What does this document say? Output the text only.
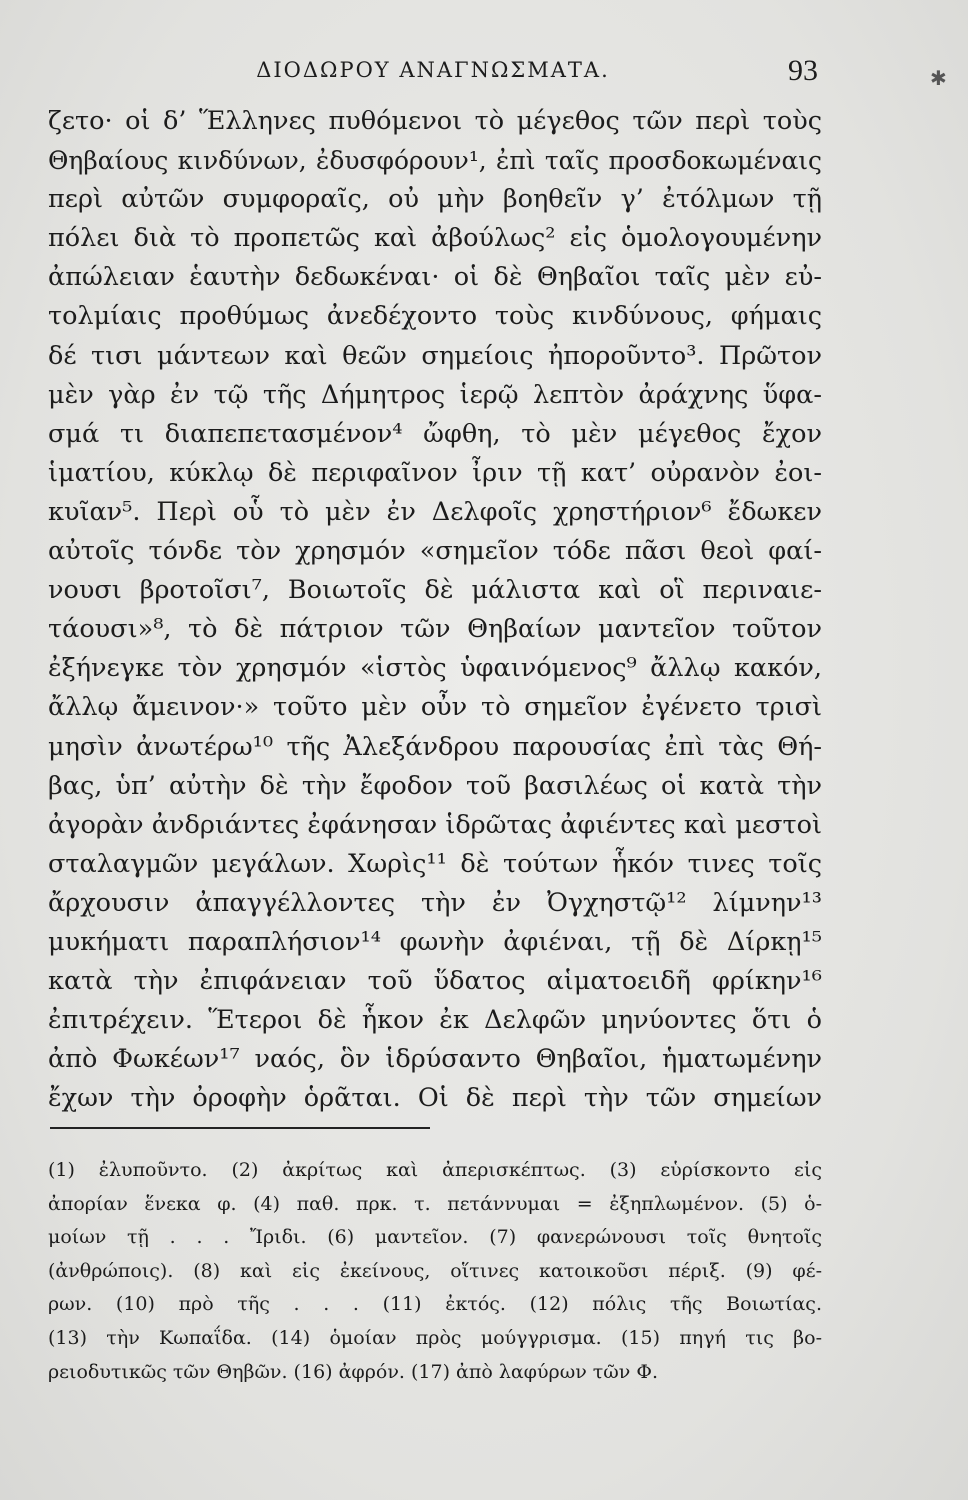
ΔΙΟΔΩΡΟΥ ΑΝΑΓΝΩΣΜΑΤΑ.	93	✱
ζετο· οἱ δ’ Ἕλληνες πυθόμενοι τὸ μέγεθος τῶν περὶ τοὺς
Θηβαίους κινδύνων, ἐδυσφόρουν¹, ἐπὶ ταῖς προσδοκωμέναις
περὶ αὐτῶν συμφοραῖς, οὐ μὴν βοηθεῖν γ’ ἐτόλμων τῇ
πόλει διὰ τὸ προπετῶς καὶ ἀβούλως² εἰς ὁμολογουμένην
ἀπώλειαν ἑαυτὴν δεδωκέναι· οἱ δὲ Θηβαῖοι ταῖς μὲν εὐ-
τολμίαις προθύμως ἀνεδέχοντο τοὺς κινδύνους, φήμαις
δέ τισι μάντεων καὶ θεῶν σημείοις ἠποροῦντο³. Πρῶτον
μὲν γὰρ ἐν τῷ τῆς Δήμητρος ἱερῷ λεπτὸν ἀράχνης ὕφα-
σμά τι διαπεπετασμένον⁴ ὤφθη, τὸ μὲν μέγεθος ἔχον
ἱματίου, κύκλῳ δὲ περιφαῖνον ἶριν τῇ κατ’ οὐρανὸν ἐοι-
κυῖαν⁵. Περὶ οὗ τὸ μὲν ἐν Δελφοῖς χρηστήριον⁶ ἔδωκεν
αὐτοῖς τόνδε τὸν χρησμόν «σημεῖον τόδε πᾶσι θεοὶ φαί-
νουσι βροτοῖσι⁷, Βοιωτοῖς δὲ μάλιστα καὶ οἳ περιναιε-
τάουσι»⁸, τὸ δὲ πάτριον τῶν Θηβαίων μαντεῖον τοῦτον
ἐξήνεγκε τὸν χρησμόν «ἱστὸς ὑφαινόμενος⁹ ἄλλῳ κακόν,
ἄλλῳ ἄμεινον·» τοῦτο μὲν οὖν τὸ σημεῖον ἐγένετο τρισὶ
μησὶν ἀνωτέρω¹⁰ τῆς Ἀλεξάνδρου παρουσίας ἐπὶ τὰς Θή-
βας, ὑπ’ αὐτὴν δὲ τὴν ἔφοδον τοῦ βασιλέως οἱ κατὰ τὴν
ἀγορὰν ἀνδριάντες ἐφάνησαν ἱδρῶτας ἀφιέντες καὶ μεστοὶ
σταλαγμῶν μεγάλων. Χωρὶς¹¹ δὲ τούτων ἧκόν τινες τοῖς
ἄρχουσιν ἀπαγγέλλοντες τὴν ἐν Ὀγχηστῷ¹² λίμνην¹³
μυκήματι παραπλήσιον¹⁴ φωνὴν ἀφιέναι, τῇ δὲ Δίρκῃ¹⁵
κατὰ τὴν ἐπιφάνειαν τοῦ ὕδατος αἱματοειδῆ φρίκην¹⁶
ἐπιτρέχειν. Ἕτεροι δὲ ἧκον ἐκ Δελφῶν μηνύοντες ὅτι ὁ
ἀπὸ Φωκέων¹⁷ ναός, ὃν ἱδρύσαντο Θηβαῖοι, ἡματωμένην
ἔχων τὴν ὀροφὴν ὁρᾶται. Οἱ δὲ περὶ τὴν τῶν σημείων
(1) ἐλυποῦντο. (2) ἀκρίτως καὶ ἀπερισκέπτως. (3) εὑρίσκοντο εἰς
ἀπορίαν ἕνεκα φ. (4) παθ. πρκ. τ. πετάννυμαι = ἐξηπλωμένον. (5) ὁ-
μοίων τῇ . . . Ἴριδι. (6) μαντεῖον. (7) φανερώνουσι τοῖς θνητοῖς
(ἀνθρώποις). (8) καὶ εἰς ἐκείνους, οἵτινες κατοικοῦσι πέριξ. (9) φέ-
ρων. (10) πρὸ τῆς . . . (11) ἐκτός. (12) πόλις τῆς Βοιωτίας.
(13) τὴν Κωπαΐδα. (14) ὁμοίαν πρὸς μούγγρισμα. (15) πηγή τις βο-
ρειοδυτικῶς τῶν Θηβῶν. (16) ἀφρόν. (17) ἀπὸ λαφύρων τῶν Φ.
